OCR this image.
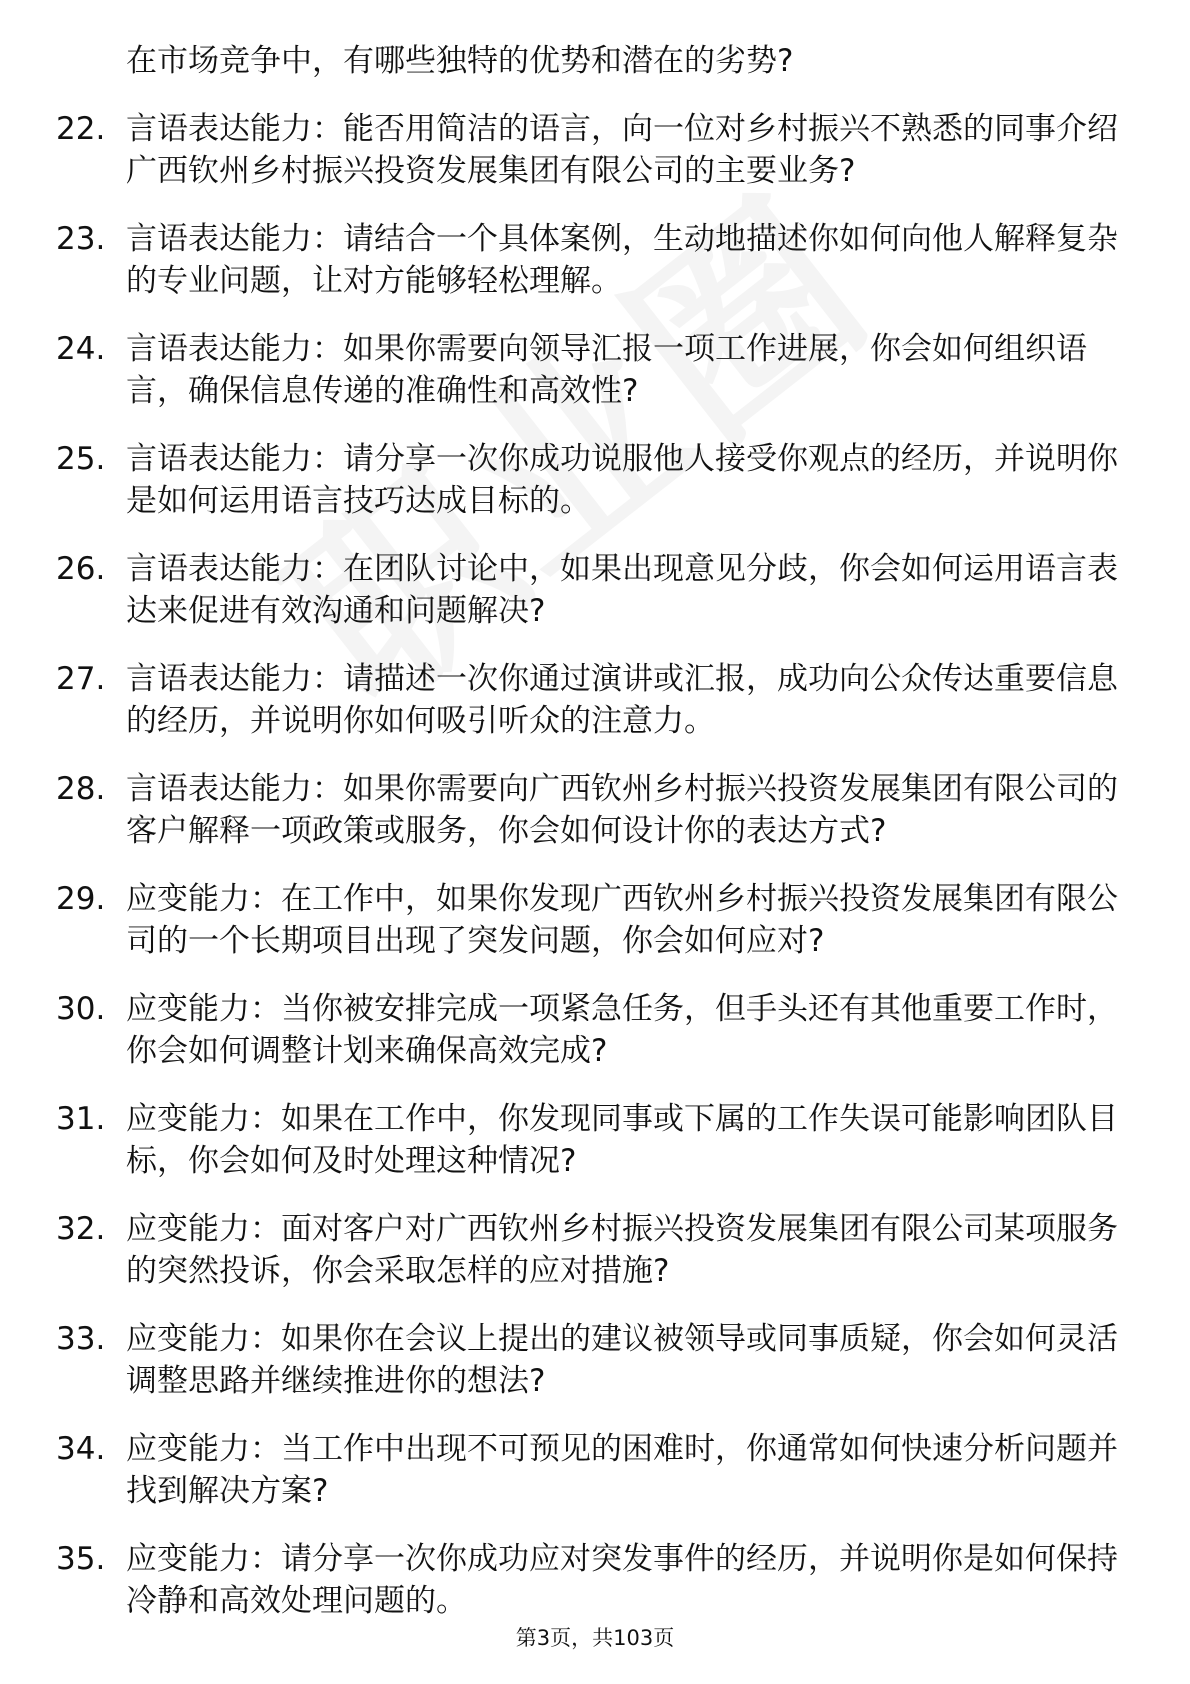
在市场竞争中，有哪些独特的优势和潜在的劣势?
22. 言语表达能力：能否用简洁的语言，向一位对乡村振兴不熟悉的同事介绍广西钦州乡村振兴投资发展集团有限公司的主要业务?
23. 言语表达能力：请结合一个具体案例，生动地描述你如何向他人解释复杂的专业问题，让对方能够轻松理解。
24. 言语表达能力：如果你需要向领导汇报一项工作进展，你会如何组织语言，确保信息传递的准确性和高效性?
25. 言语表达能力：请分享一次你成功说服他人接受你观点的经历，并说明你是如何运用语言技巧达成目标的。
26. 言语表达能力：在团队讨论中，如果出现意见分歧，你会如何运用语言表达来促进有效沟通和问题解决?
27. 言语表达能力：请描述一次你通过演讲或汇报，成功向公众传达重要信息的经历，并说明你如何吸引听众的注意力。
28. 言语表达能力：如果你需要向广西钦州乡村振兴投资发展集团有限公司的客户解释一项政策或服务，你会如何设计你的表达方式?
29. 应变能力：在工作中，如果你发现广西钦州乡村振兴投资发展集团有限公司的一个长期项目出现了突发问题，你会如何应对?
30. 应变能力：当你被安排完成一项紧急任务，但手头还有其他重要工作时，你会如何调整计划来确保高效完成?
31. 应变能力：如果在工作中，你发现同事或下属的工作失误可能影响团队目标，你会如何及时处理这种情况?
32. 应变能力：面对客户对广西钦州乡村振兴投资发展集团有限公司某项服务的突然投诉，你会采取怎样的应对措施?
33. 应变能力：如果你在会议上提出的建议被领导或同事质疑，你会如何灵活调整思路并继续推进你的想法?
34. 应变能力：当工作中出现不可预见的困难时，你通常如何快速分析问题并找到解决方案?
35. 应变能力：请分享一次你成功应对突发事件的经历，并说明你是如何保持冷静和高效处理问题的。
第3页，共103页
